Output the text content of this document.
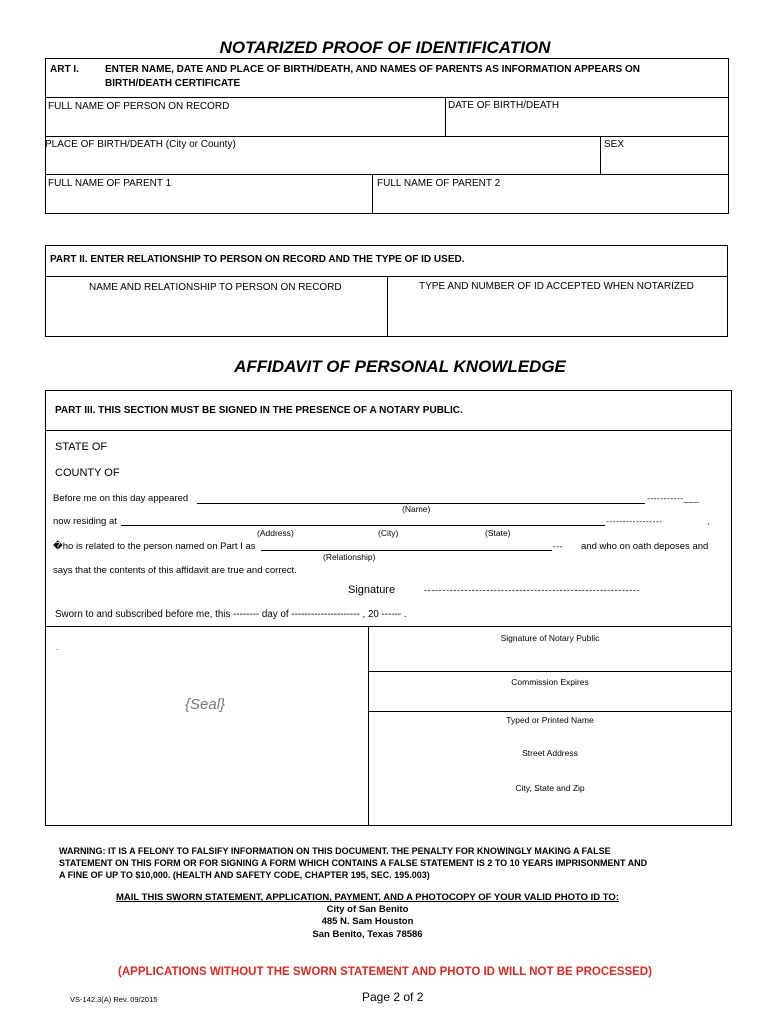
NOTARIZED PROOF OF IDENTIFICATION
ART I.	ENTER NAME, DATE AND PLACE OF BIRTH/DEATH, AND NAMES OF PARENTS AS INFORMATION APPEARS ON
BIRTH/DEATH CERTIFICATE
FULL NAME OF PERSON ON RECORD	DATE OF BIRTH/DEATH
PLACE OF BIRTH/DEATH (City or County)	SEX
FULL NAME OF PARENT 1	FULL NAME OF PARENT 2
PART II. ENTER RELATIONSHIP TO PERSON ON RECORD AND THE TYPE OF ID USED.
NAME AND RELATIONSHIP TO PERSON ON RECORD	TYPE AND NUMBER OF ID ACCEPTED WHEN NOTARIZED
AFFIDAVIT OF PERSONAL KNOWLEDGE
PART III. THIS SECTION MUST BE SIGNED IN THE PRESENCE OF A NOTARY PUBLIC.
STATE OF
COUNTY OF
Before me on this day appeared	-----------___
(Name)
now residing at	-----------------	,
(Address)	(City)	(State)
�ho is related to the person named on Part I as	--- and who on oath deposes and
(Relationship)
says that the contents of this affidavit are true and correct.
Signature	-----------------------------------------------------------
Sworn to and subscribed before me, this -------- day of --------------------- , 20 ------ .
.
{Seal}
Signature of Notary Public
Commission Expires
Typed or Printed Name
Street Address
City, State and Zip
WARNING: IT IS A FELONY TO FALSIFY INFORMATION ON THIS DOCUMENT. THE PENALTY FOR KNOWINGLY MAKING A FALSE
STATEMENT ON THIS FORM OR FOR SIGNING A FORM WHICH CONTAINS A FALSE STATEMENT IS 2 TO 10 YEARS IMPRISONMENT AND
A FINE OF UP TO $10,000. (HEALTH AND SAFETY CODE, CHAPTER 195, SEC. 195.003)
MAIL THIS SWORN STATEMENT, APPLICATION, PAYMENT, AND A PHOTOCOPY OF YOUR VALID PHOTO ID TO:
City of San Benito
485 N. Sam Houston
San Benito, Texas 78586
(APPLICATIONS WITHOUT THE SWORN STATEMENT AND PHOTO ID WILL NOT BE PROCESSED)
VS-142.3(A) Rev. 09/2015	Page 2 of 2
